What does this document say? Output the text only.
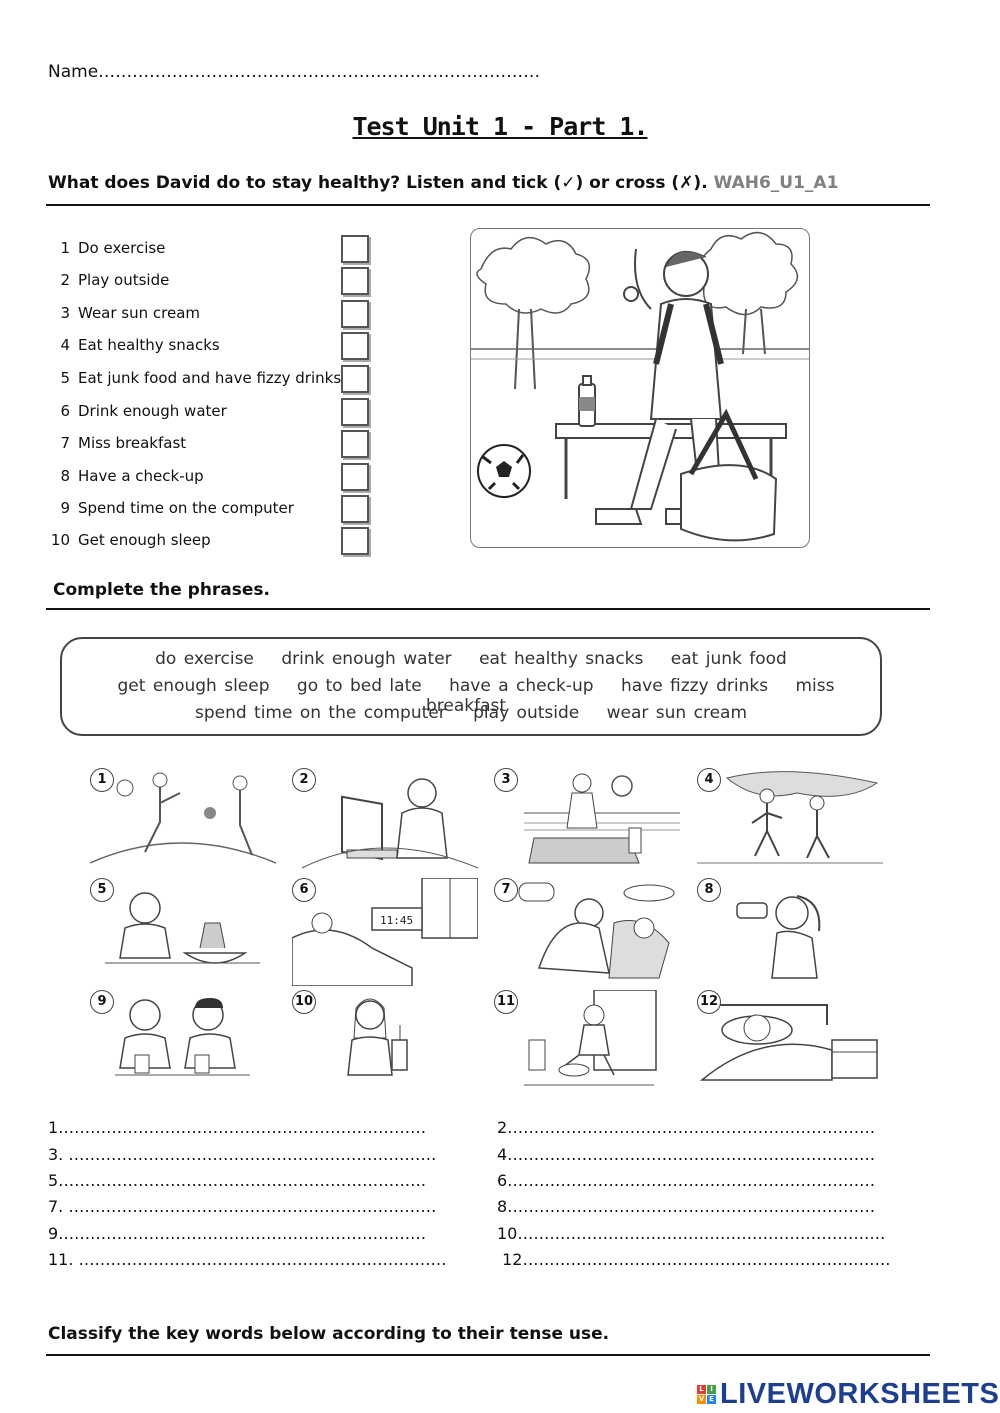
Name……………………………………………………………………
Test Unit 1 - Part 1.
What does David do to stay healthy? Listen and tick (✓) or cross (✗). WAH6_U1_A1
1 Do exercise
2 Play outside
3 Wear sun cream
4 Eat healthy snacks
5 Eat junk food and have fizzy drinks
6 Drink enough water
7 Miss breakfast
8 Have a check-up
9 Spend time on the computer
10 Get enough sleep
Complete the phrases.
do exercise drink enough water eat healthy snacks eat junk food
get enough sleep go to bed late have a check-up have fizzy drinks miss breakfast
spend time on the computer play outside wear sun cream
1	2	3	4
5
11:45
6	7	8
9	10	11	12
1……………………………………………………………	2……………………………………………………………
3. ……………………………………………………………	4……………………………………………………………
5……………………………………………………………	6……………………………………………………………
7. ……………………………………………………………	8……………………………………………………………
9……………………………………………………………	10……………………………………………………………
11. ……………………………………………………………	12……………………………………………………………
Classify the key words below according to their tense use.
L I
V E LIVEWORKSHEETS
